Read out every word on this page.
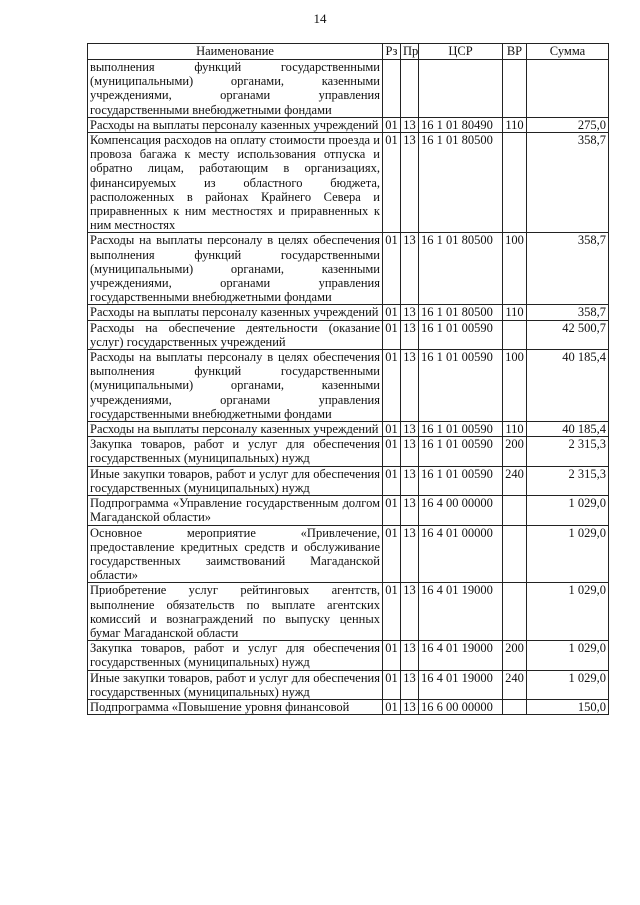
14
Наименование	Рз	Пр	ЦСР	ВР	Сумма
выполнения функций государственными (муниципальными) органами, казенными учреждениями, органами управления государственными внебюджетными фондами					
Расходы на выплаты персоналу казенных учреждений	01	13	16 1 01 80490	110	275,0
Компенсация расходов на оплату стоимости проезда и провоза багажа к месту использования отпуска и обратно лицам, работающим в организациях, финансируемых из областного бюджета, расположенных в районах Крайнего Севера и приравненных к ним местностях и приравненных к ним местностях	01	13	16 1 01 80500		358,7
Расходы на выплаты персоналу в целях обеспечения выполнения функций государственными (муниципальными) органами, казенными учреждениями, органами управления государственными внебюджетными фондами	01	13	16 1 01 80500	100	358,7
Расходы на выплаты персоналу казенных учреждений	01	13	16 1 01 80500	110	358,7
Расходы на обеспечение деятельности (оказание услуг) государственных учреждений	01	13	16 1 01 00590		42 500,7
Расходы на выплаты персоналу в целях обеспечения выполнения функций государственными (муниципальными) органами, казенными учреждениями, органами управления государственными внебюджетными фондами	01	13	16 1 01 00590	100	40 185,4
Расходы на выплаты персоналу казенных учреждений	01	13	16 1 01 00590	110	40 185,4
Закупка товаров, работ и услуг для обеспечения государственных (муниципальных) нужд	01	13	16 1 01 00590	200	2 315,3
Иные закупки товаров, работ и услуг для обеспечения государственных (муниципальных) нужд	01	13	16 1 01 00590	240	2 315,3
Подпрограмма «Управление государственным долгом Магаданской области»	01	13	16 4 00 00000		1 029,0
Основное мероприятие «Привлечение, предоставление кредитных средств и обслуживание государственных заимствований Магаданской области»	01	13	16 4 01 00000		1 029,0
Приобретение услуг рейтинговых агентств, выполнение обязательств по выплате агентских комиссий и вознаграждений по выпуску ценных бумаг Магаданской области	01	13	16 4 01 19000		1 029,0
Закупка товаров, работ и услуг для обеспечения государственных (муниципальных) нужд	01	13	16 4 01 19000	200	1 029,0
Иные закупки товаров, работ и услуг для обеспечения государственных (муниципальных) нужд	01	13	16 4 01 19000	240	1 029,0
Подпрограмма «Повышение уровня финансовой	01	13	16 6 00 00000		150,0
